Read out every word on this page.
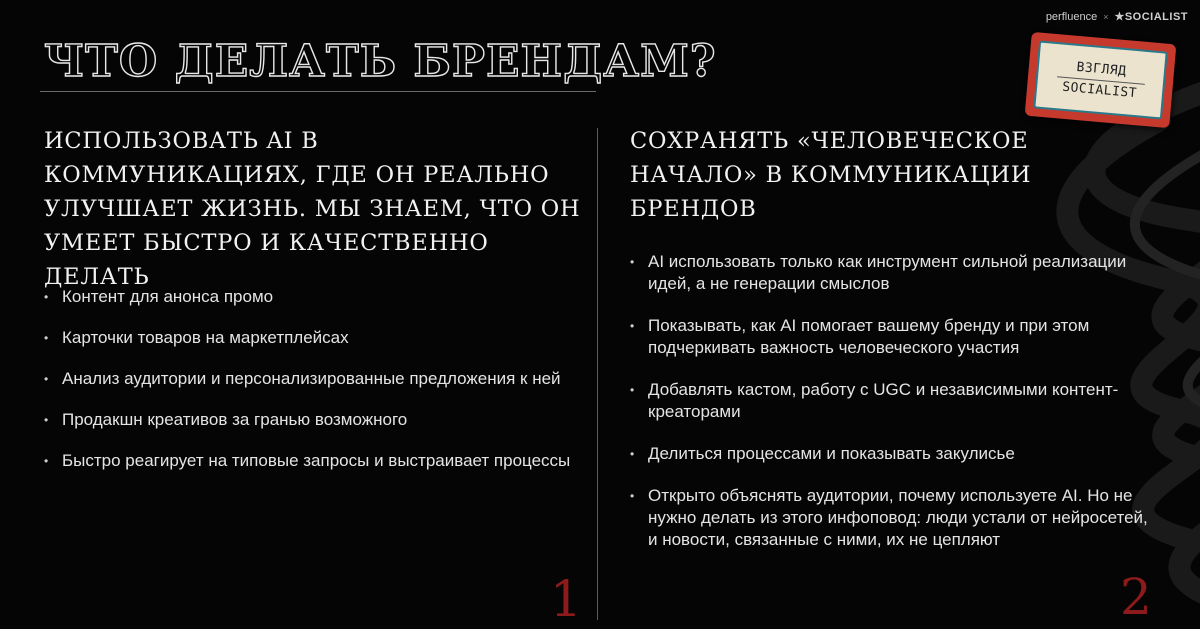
perfluence × ★SOCIALIST
ЧТО ДЕЛАТЬ БРЕНДАМ?	ВЗГЛЯД
SOCIALIST
ИСПОЛЬЗОВАТЬ AI В КОММУНИКАЦИЯХ, ГДЕ ОН РЕАЛЬНО УЛУЧШАЕТ ЖИЗНЬ. МЫ ЗНАЕМ, ЧТО ОН УМЕЕТ БЫСТРО И КАЧЕСТВЕННО ДЕЛАТЬ
• Контент для анонса промо
• Карточки товаров на маркетплейсах
• Анализ аудитории и персонализированные предложения к ней
• Продакшн креативов за гранью возможного
• Быстро реагирует на типовые запросы и выстраивает процессы
1
СОХРАНЯТЬ «ЧЕЛОВЕЧЕСКОЕ НАЧАЛО» В КОММУНИКАЦИИ БРЕНДОВ
• AI использовать только как инструмент сильной реализации идей, а не генерации смыслов
• Показывать, как AI помогает вашему бренду и при этом подчеркивать важность человеческого участия
• Добавлять кастом, работу с UGC и независимыми контент-креаторами
• Делиться процессами и показывать закулисье
• Открыто объяснять аудитории, почему используете AI. Но не нужно делать из этого инфоповод: люди устали от нейросетей, и новости, связанные с ними, их не цепляют
2
